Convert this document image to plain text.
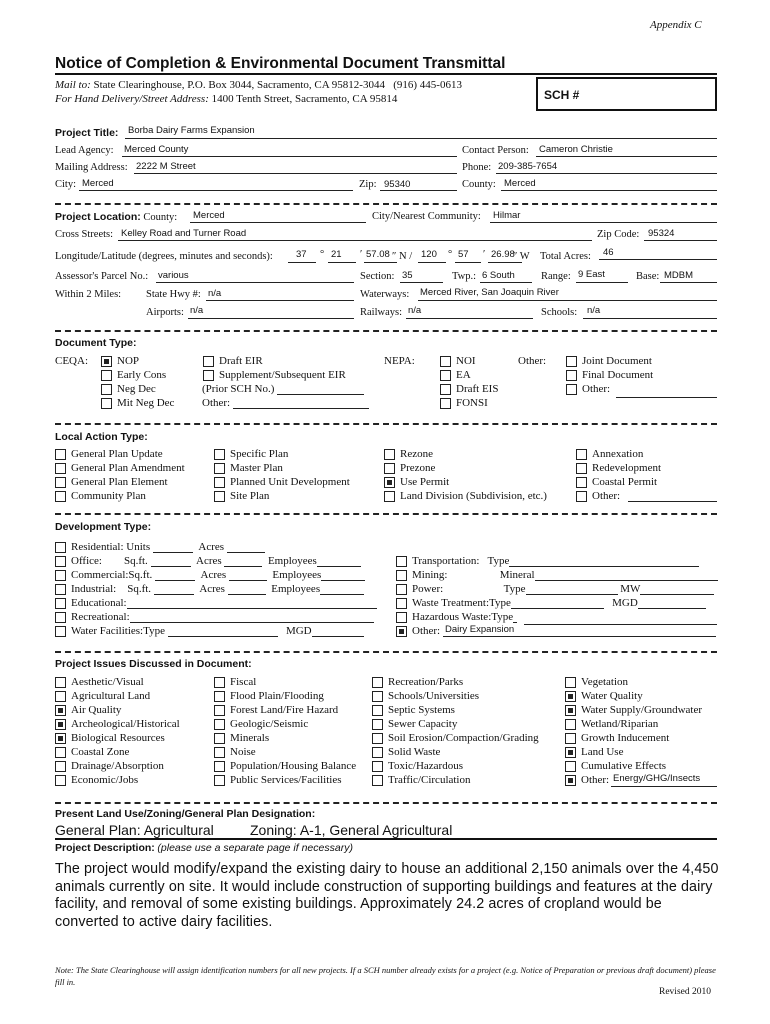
Appendix C
Notice of Completion & Environmental Document Transmittal
Mail to: State Clearinghouse, P.O. Box 3044, Sacramento, CA 95812-3044 (916) 445-0613
For Hand Delivery/Street Address: 1400 Tenth Street, Sacramento, CA 95814	SCH #
Project Title: Borba Dairy Farms Expansion
Lead Agency: Merced County	Contact Person: Cameron Christie
Mailing Address: 2222 M Street	Phone: 209-385-7654
City: Merced	Zip: 95340	County: Merced
Project Location: County: Merced	City/Nearest Community: Hilmar
Cross Streets: Kelley Road and Turner Road	Zip Code: 95324
Longitude/Latitude (degrees, minutes and seconds): 37 ° 21 ′ 57.08 ″ N / 120 ° 57 ′ 26.98
″ W Total Acres: 46
Assessor's Parcel No.: various	Section: 35	Twp.: 6 South	Range: 9 East	Base: MDBM
Within 2 Miles: State Hwy #: n/a	Waterways: Merced River, San Joaquin River
Airports: n/a	Railways: n/a	Schools: n/a
Document Type:
CEQA:	NOP
Early Cons
Neg Dec
Mit Neg Dec
Draft EIR
Supplement/Subsequent EIR
(Prior SCH No.)
Other:
NEPA:	NOI
EA
Draft EIS
FONSI
Other:	Joint Document
Final Document
Other:
Local Action Type:
General Plan Update
General Plan Amendment
General Plan Element
Community Plan
Specific Plan
Master Plan
Planned Unit Development
Site Plan
Rezone
Prezone
Use Permit
Land Division (Subdivision, etc.)
Annexation
Redevelopment
Coastal Permit
Other:
Development Type:
Residential: Units	Acres
Office: Sq.ft.	Acres	Employees
Commercial:Sq.ft.	Acres	Employees
Industrial: Sq.ft.	Acres	Employees
Educational:
Recreational:
Water Facilities:Type	MGD
Transportation: Type
Mining:	Mineral
Power:	Type	MW
Waste Treatment:Type	MGD
Hazardous Waste:Type
Other: Dairy Expansion
Project Issues Discussed in Document:
Aesthetic/Visual
Agricultural Land
Air Quality
Archeological/Historical
Biological Resources
Coastal Zone
Drainage/Absorption
Economic/Jobs
Fiscal
Flood Plain/Flooding
Forest Land/Fire Hazard
Geologic/Seismic
Minerals
Noise
Population/Housing Balance
Public Services/Facilities
Recreation/Parks
Schools/Universities
Septic Systems
Sewer Capacity
Soil Erosion/Compaction/Grading
Solid Waste
Toxic/Hazardous
Traffic/Circulation
Vegetation
Water Quality
Water Supply/Groundwater
Wetland/Riparian
Growth Inducement
Land Use
Cumulative Effects
Other: Energy/GHG/Insects
Present Land Use/Zoning/General Plan Designation:
General Plan: Agricultural	Zoning: A-1, General Agricultural
Project Description: (please use a separate page if necessary)
The project would modify/expand the existing dairy to house an additional 2,150 animals over the 4,450 animals currently on site. It would include construction of supporting buildings and features at the dairy facility, and removal of some existing buildings. Approximately 24.2 acres of cropland would be converted to active dairy facilities.
Note: The State Clearinghouse will assign identification numbers for all new projects. If a SCH number already exists for a project (e.g. Notice of Preparation or previous draft document) please fill in.
Revised 2010
